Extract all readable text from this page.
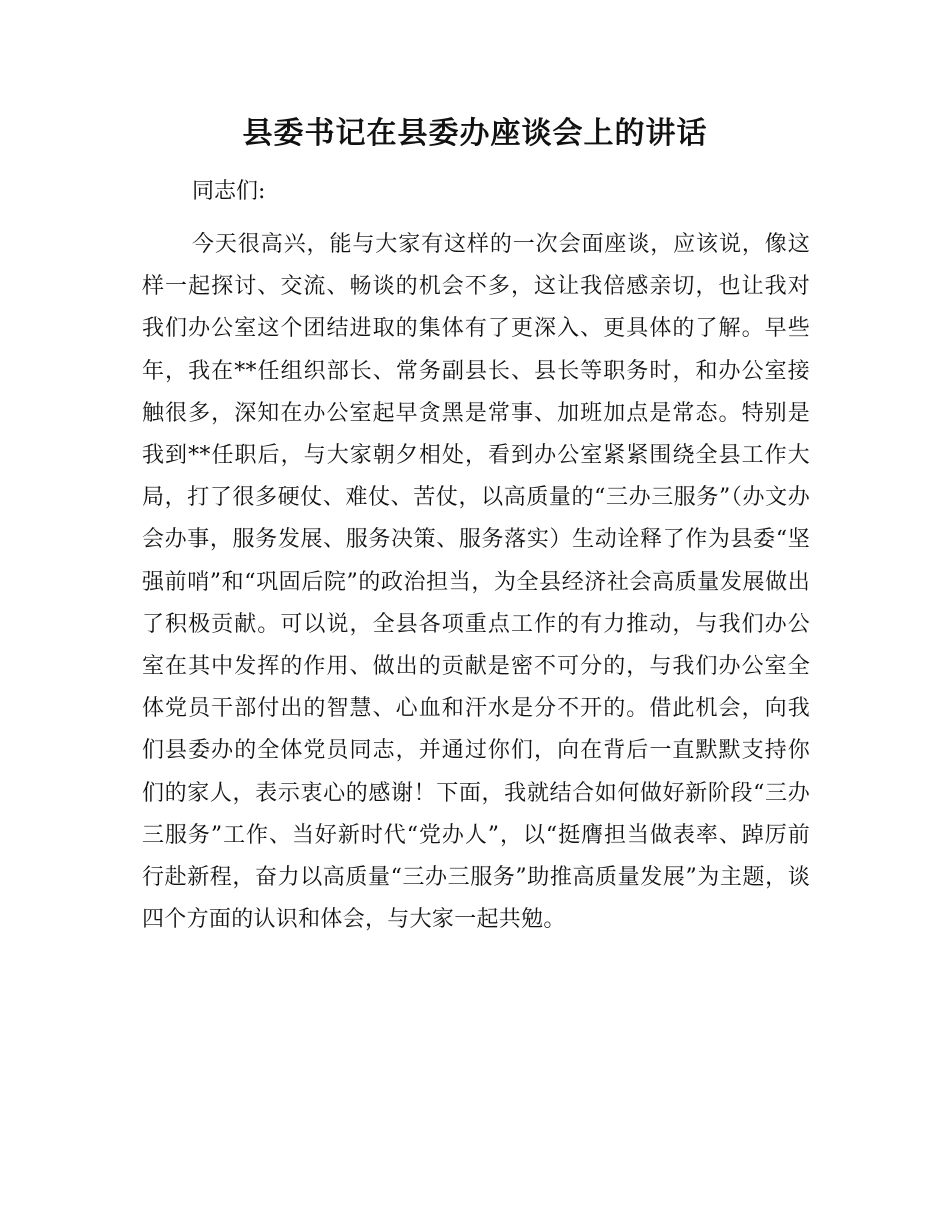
县委书记在县委办座谈会上的讲话

同志们:

今天很高兴，能与大家有这样的一次会面座谈，应该说，像这样一起探讨、交流、畅谈的机会不多，这让我倍感亲切，也让我对我们办公室这个团结进取的集体有了更深入、更具体的了解。早些年，我在**任组织部长、常务副县长、县长等职务时，和办公室接触很多，深知在办公室起早贪黑是常事、加班加点是常态。特别是我到**任职后，与大家朝夕相处，看到办公室紧紧围绕全县工作大局，打了很多硬仗、难仗、苦仗，以高质量的“三办三服务”（办文办会办事，服务发展、服务决策、服务落实）生动诠释了作为县委“坚强前哨”和“巩固后院”的政治担当，为全县经济社会高质量发展做出了积极贡献。可以说，全县各项重点工作的有力推动，与我们办公室在其中发挥的作用、做出的贡献是密不可分的，与我们办公室全体党员干部付出的智慧、心血和汗水是分不开的。借此机会，向我们县委办的全体党员同志，并通过你们，向在背后一直默默支持你们的家人，表示衷心的感谢！下面，我就结合如何做好新阶段“三办三服务”工作、当好新时代“党办人”，以“挺膺担当做表率、踔厉前行赴新程，奋力以高质量“三办三服务”助推高质量发展”为主题，谈四个方面的认识和体会，与大家一起共勉。
